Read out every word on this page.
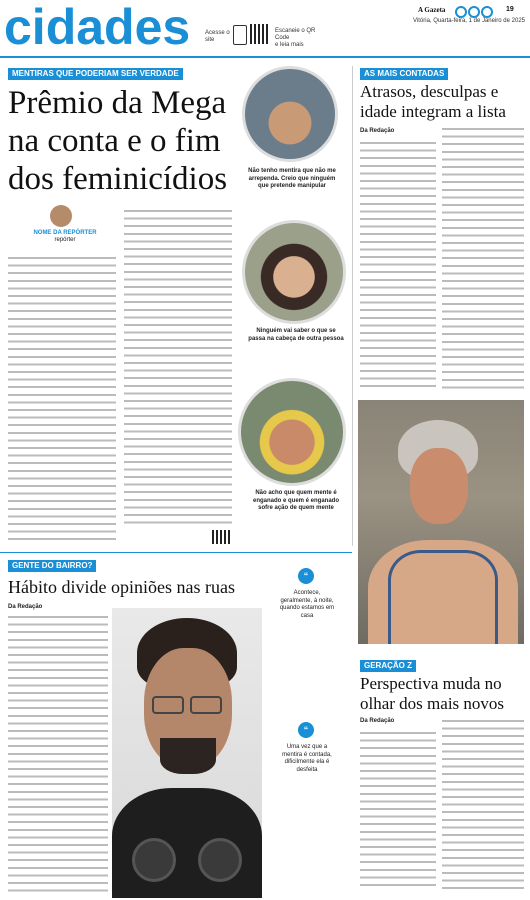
cidades Acesse o site
Escaneie o QR Code
e leia mais
A Gazeta	19
Vitória, Quarta-feira, 1 de Janeiro de 2025
MENTIRAS QUE PODERIAM SER VERDADE
Prêmio da Mega
na conta e o fim
dos feminicídios
NOME DA REPÓRTER
repórter
Não tenho mentira que não me arrependa. Creio que ninguém que pretende manipular
Ninguém vai saber o que se passa na cabeça de outra pessoa
Não acho que quem mente é enganado e quem é enganado sofre ação de quem mente
AS MAIS CONTADAS
Atrasos, desculpas e
idade integram a lista
Da Redação
GENTE DO BAIRRO?
Hábito divide opiniões nas ruas
Da Redação
“
Acontece, geralmente, à noite, quando estamos em casa
“
Uma vez que a mentira é contada, dificilmente ela é desfeita
GERAÇÃO Z
Perspectiva muda no
olhar dos mais novos
Da Redação
